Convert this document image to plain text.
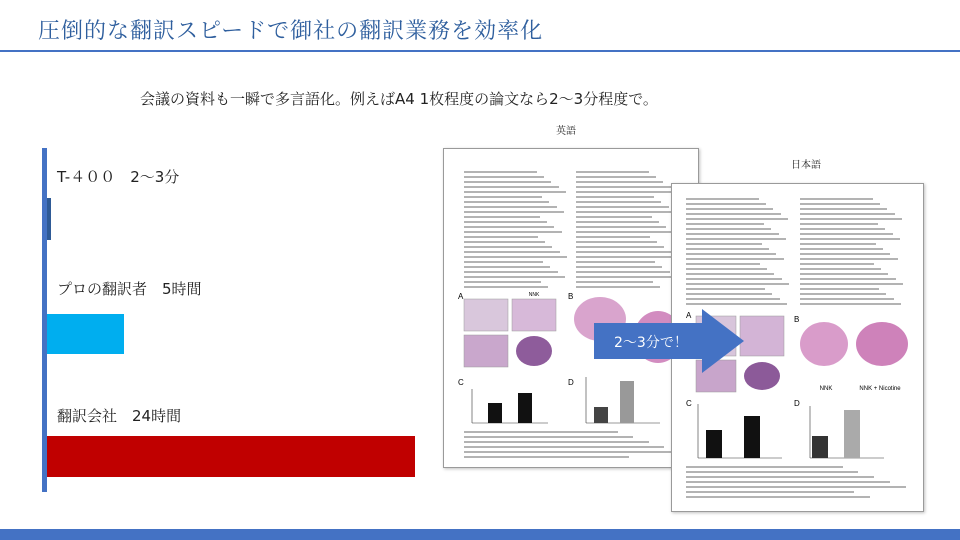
圧倒的な翻訳スピードで御社の翻訳業務を効率化
会議の資料も一瞬で多言語化。例えばA4 1枚程度の論文なら2～3分程度で。
T-４００　2～3分
プロの翻訳者　5時間
翻訳会社　24時間
英語
A	B
NNK
C	D
日本語
A	B
NNK	NNK + Nicotine
C	D
2～3分で！
